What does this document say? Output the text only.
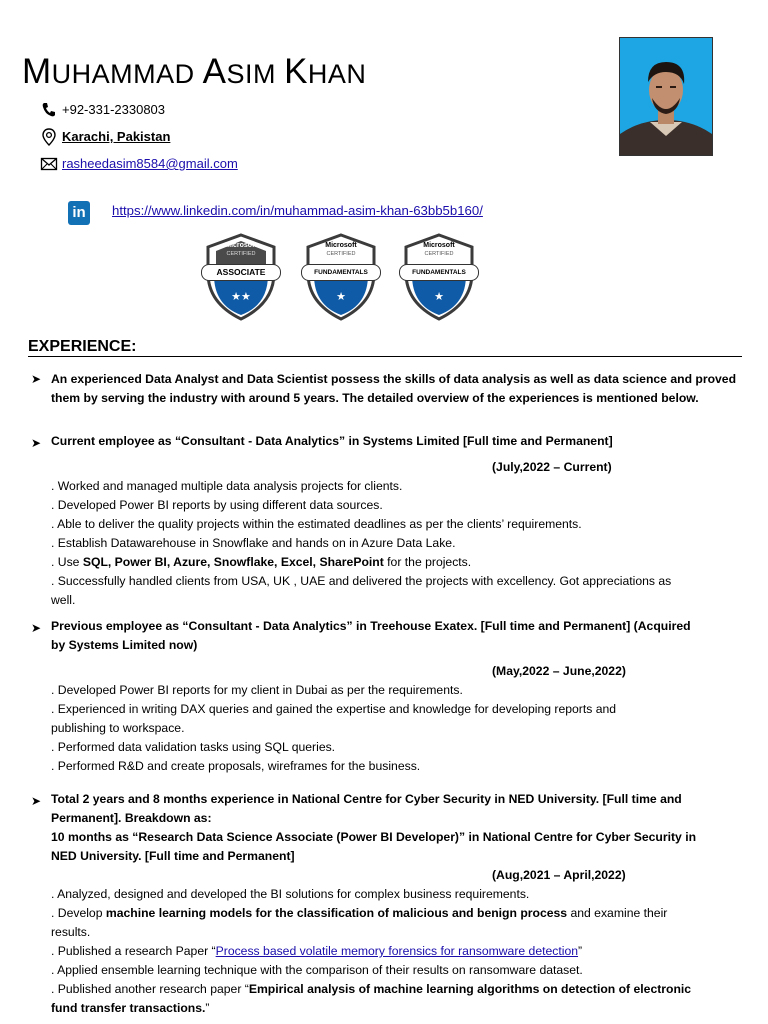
MUHAMMAD ASIM KHAN
+92-331-2330803
Karachi, Pakistan
rasheedasim8584@gmail.com
in	https://www.linkedin.com/in/muhammad-asim-khan-63bb5b160/
Microsoft
CERTIFIED
ASSOCIATE
★★
Microsoft
CERTIFIED
FUNDAMENTALS
★
Microsoft
CERTIFIED
FUNDAMENTALS
★
EXPERIENCE:
➤ An experienced Data Analyst and Data Scientist possess the skills of data analysis as well as data science and proved them by serving the industry with around 5 years. The detailed overview of the experiences is mentioned below.
➤ Current employee as “Consultant - Data Analytics” in Systems Limited [Full time and Permanent]
(July,2022 – Current)
. Worked and managed multiple data analysis projects for clients.
. Developed Power BI reports by using different data sources.
. Able to deliver the quality projects within the estimated deadlines as per the clients’ requirements.
. Establish Datawarehouse in Snowflake and hands on in Azure Data Lake.
. Use SQL, Power BI, Azure, Snowflake, Excel, SharePoint for the projects.
. Successfully handled clients from USA, UK , UAE and delivered the projects with excellency. Got appreciations as
well.
➤ Previous employee as “Consultant - Data Analytics” in Treehouse Exatex. [Full time and Permanent] (Acquired
by Systems Limited now)
(May,2022 – June,2022)
. Developed Power BI reports for my client in Dubai as per the requirements.
. Experienced in writing DAX queries and gained the expertise and knowledge for developing reports and
publishing to workspace.
. Performed data validation tasks using SQL queries.
. Performed R&D and create proposals, wireframes for the business.
➤ Total 2 years and 8 months experience in National Centre for Cyber Security in NED University. [Full time and
Permanent]. Breakdown as:
10 months as “Research Data Science Associate (Power BI Developer)” in National Centre for Cyber Security in
NED University. [Full time and Permanent]
(Aug,2021 – April,2022)
. Analyzed, designed and developed the BI solutions for complex business requirements.
. Develop machine learning models for the classification of malicious and benign process and examine their
results.
. Published a research Paper “Process based volatile memory forensics for ransomware detection”
. Applied ensemble learning technique with the comparison of their results on ransomware dataset.
. Published another research paper “Empirical analysis of machine learning algorithms on detection of electronic
fund transfer transactions.”
